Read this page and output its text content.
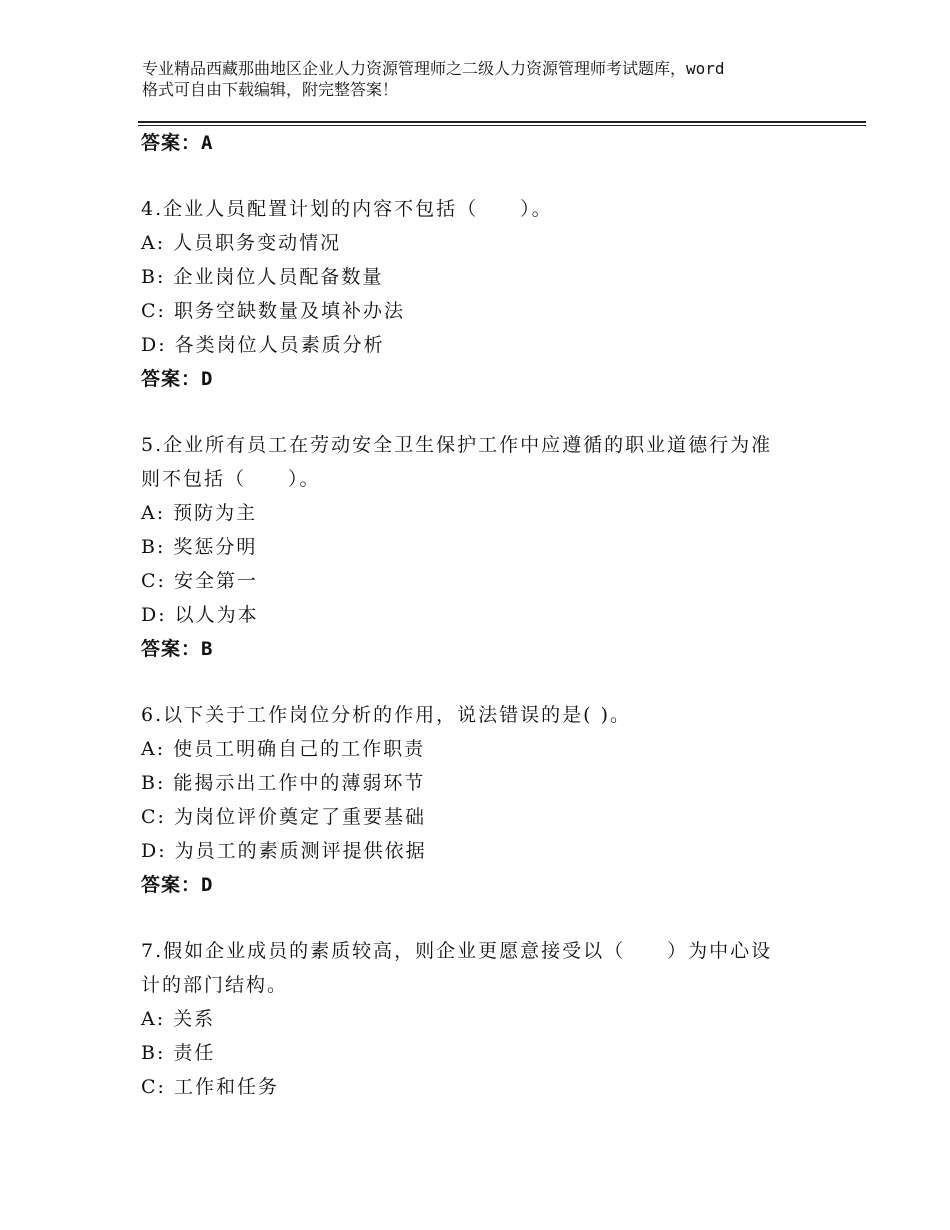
专业精品西藏那曲地区企业人力资源管理师之二级人力资源管理师考试题库，word
格式可自由下载编辑，附完整答案！
答案：A
4.企业人员配置计划的内容不包括（　　）。
A: 人员职务变动情况
B: 企业岗位人员配备数量
C: 职务空缺数量及填补办法
D: 各类岗位人员素质分析
答案：D
5.企业所有员工在劳动安全卫生保护工作中应遵循的职业道德行为准
则不包括（　　）。
A: 预防为主
B: 奖惩分明
C: 安全第一
D: 以人为本
答案：B
6.以下关于工作岗位分析的作用，说法错误的是( )。
A: 使员工明确自己的工作职责
B: 能揭示出工作中的薄弱环节
C: 为岗位评价奠定了重要基础
D: 为员工的素质测评提供依据
答案：D
7.假如企业成员的素质较高，则企业更愿意接受以（　　）为中心设
计的部门结构。
A: 关系
B: 责任
C: 工作和任务
